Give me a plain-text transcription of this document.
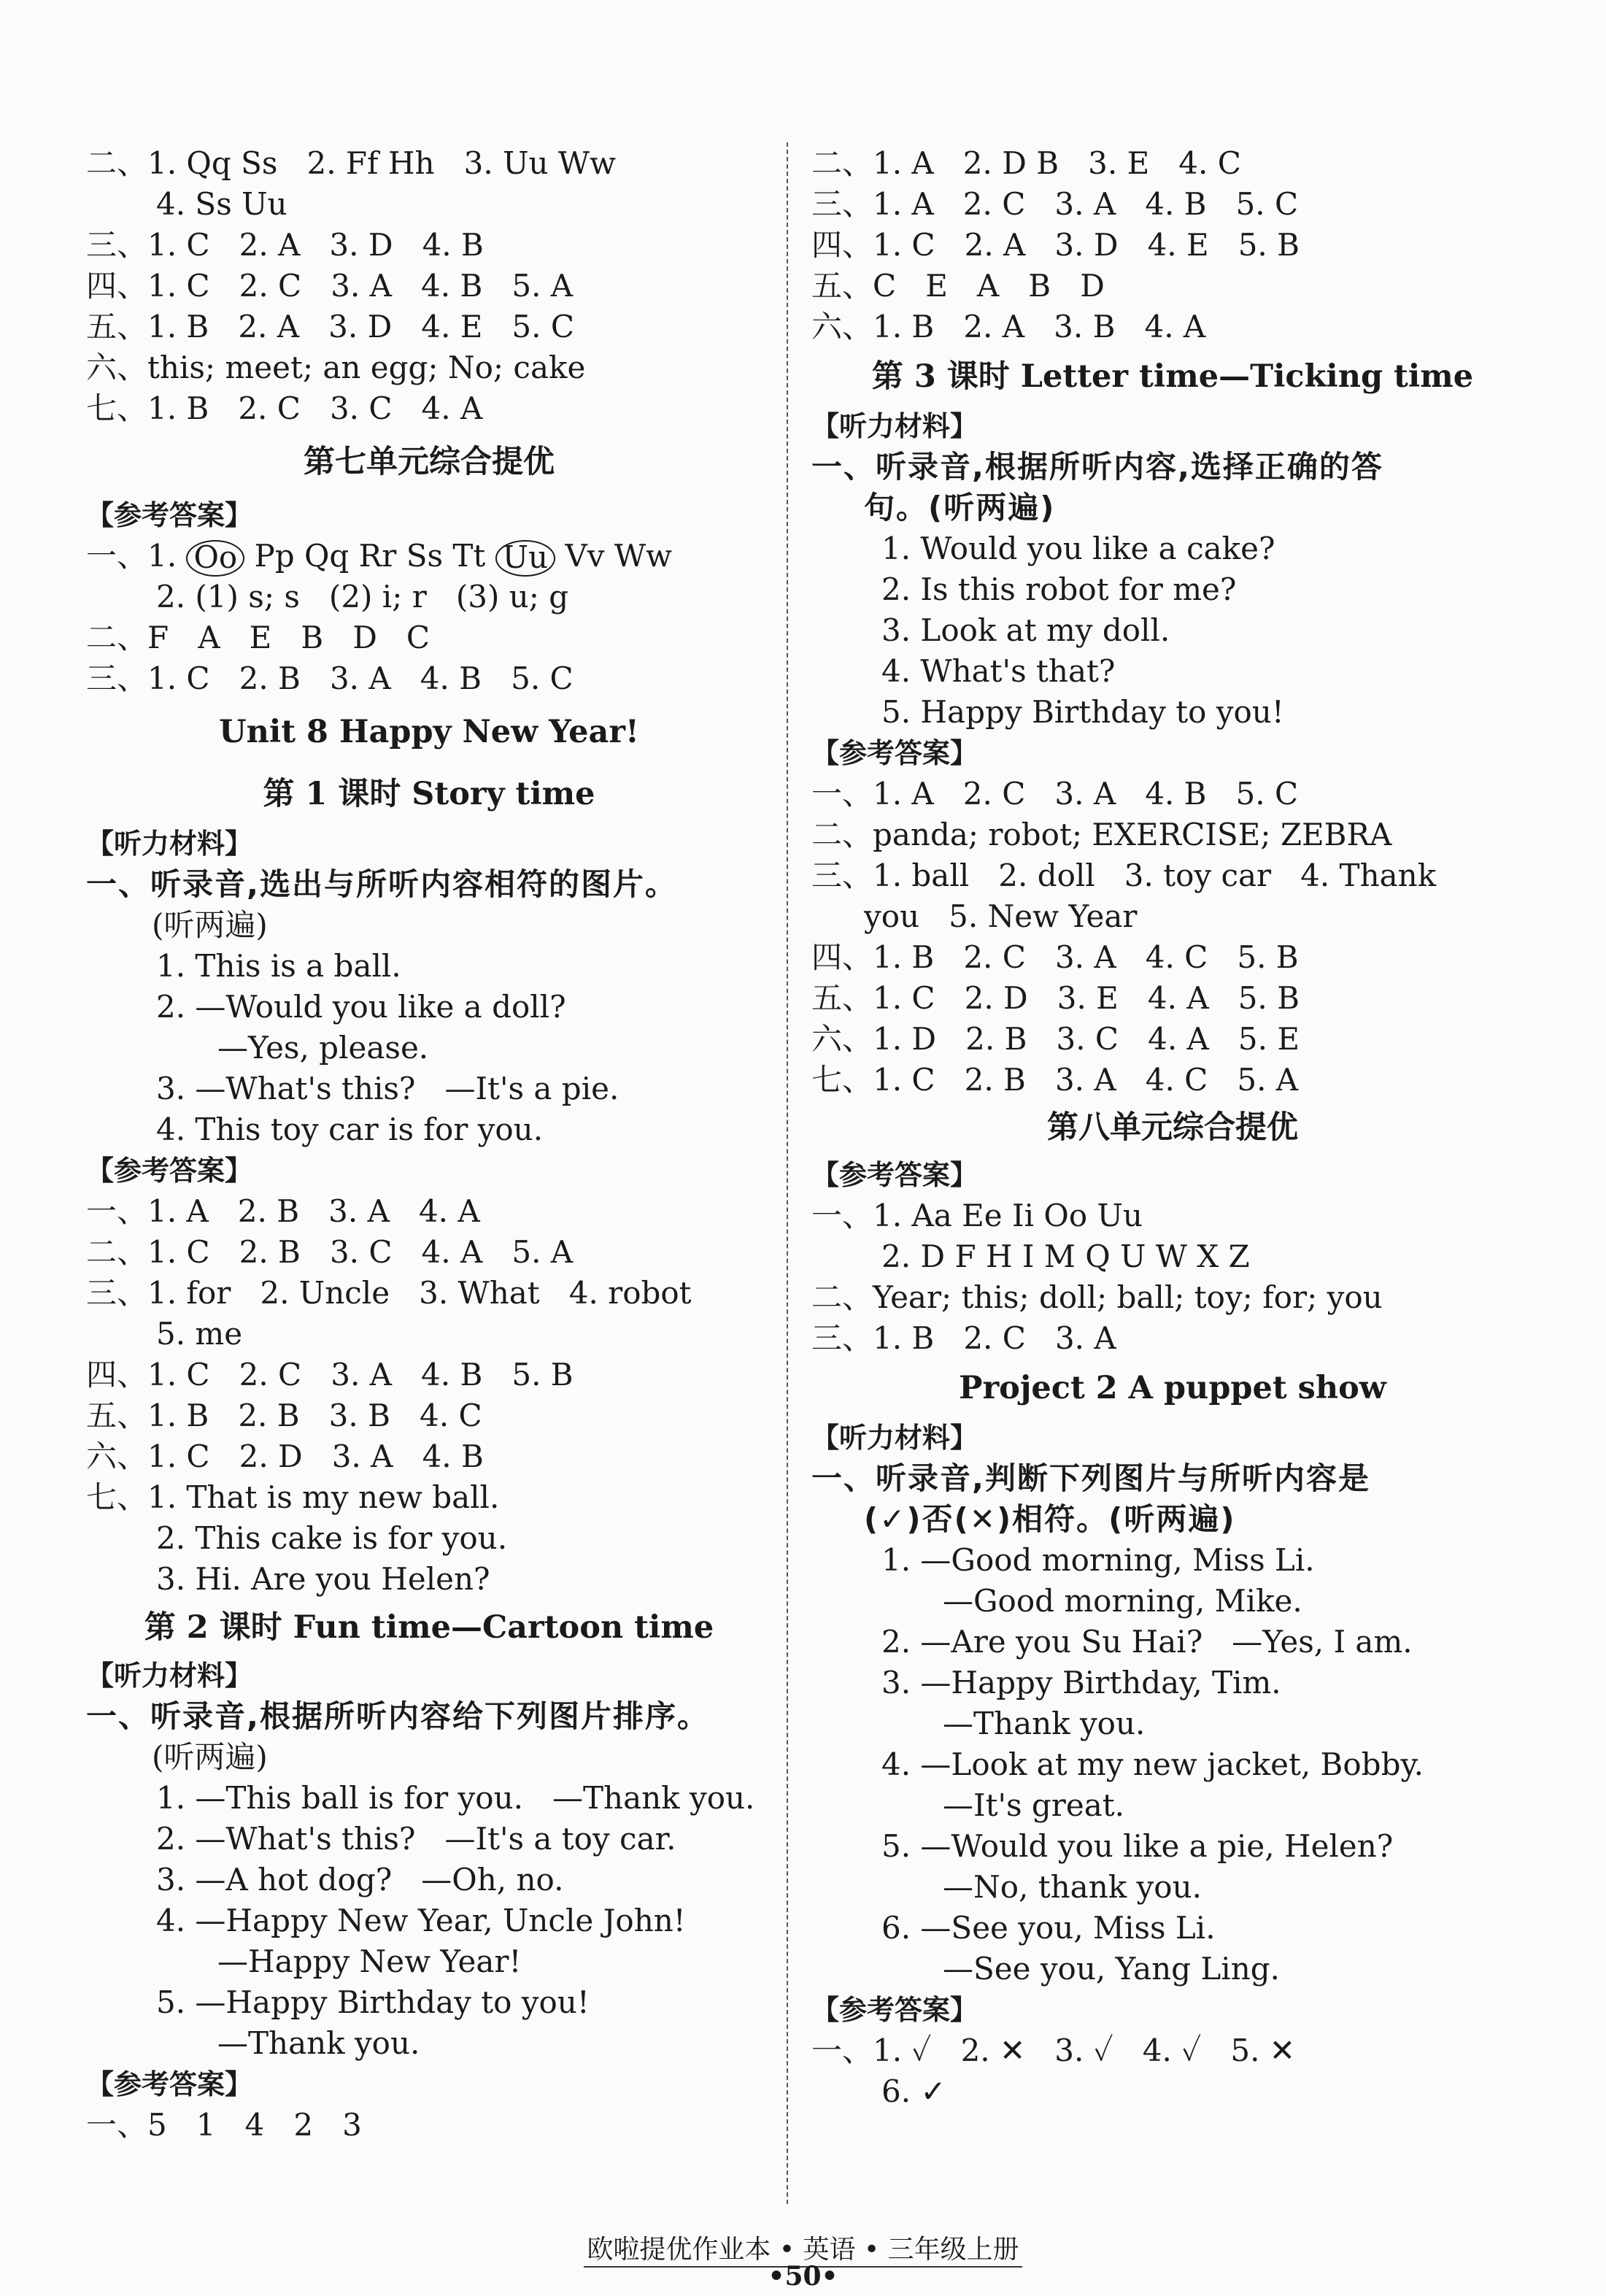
二、1. Qq Ss   2. Ff Hh   3. Uu Ww
4. Ss Uu
三、1. C   2. A   3. D   4. B
四、1. C   2. C   3. A   4. B   5. A
五、1. B   2. A   3. D   4. E   5. C
六、this; meet; an egg; No; cake
七、1. B   2. C   3. C   4. A
第七单元综合提优
【参考答案】
一、1. Oo Pp Qq Rr Ss Tt Uu Vv Ww
2. (1) s; s   (2) i; r   (3) u; g
二、F   A   E   B   D   C
三、1. C   2. B   3. A   4. B   5. C
Unit 8 Happy New Year!
第 1 课时 Story time
【听力材料】
一、听录音,选出与所听内容相符的图片。
(听两遍)
1. This is a ball.
2. —Would you like a doll?
—Yes, please.
3. —What's this?   —It's a pie.
4. This toy car is for you.
【参考答案】
一、1. A   2. B   3. A   4. A
二、1. C   2. B   3. C   4. A   5. A
三、1. for   2. Uncle   3. What   4. robot
5. me
四、1. C   2. C   3. A   4. B   5. B
五、1. B   2. B   3. B   4. C
六、1. C   2. D   3. A   4. B
七、1. That is my new ball.
2. This cake is for you.
3. Hi. Are you Helen?
第 2 课时 Fun time—Cartoon time
【听力材料】
一、听录音,根据所听内容给下列图片排序。
(听两遍)
1. —This ball is for you.   —Thank you.
2. —What's this?   —It's a toy car.
3. —A hot dog?   —Oh, no.
4. —Happy New Year, Uncle John!
—Happy New Year!
5. —Happy Birthday to you!
—Thank you.
【参考答案】
一、5   1   4   2   3
二、1. A   2. D B   3. E   4. C
三、1. A   2. C   3. A   4. B   5. C
四、1. C   2. A   3. D   4. E   5. B
五、C   E   A   B   D
六、1. B   2. A   3. B   4. A
第 3 课时 Letter time—Ticking time
【听力材料】
一、听录音,根据所听内容,选择正确的答
句。(听两遍)
1. Would you like a cake?
2. Is this robot for me?
3. Look at my doll.
4. What's that?
5. Happy Birthday to you!
【参考答案】
一、1. A   2. C   3. A   4. B   5. C
二、panda; robot; EXERCISE; ZEBRA
三、1. ball   2. doll   3. toy car   4. Thank
you   5. New Year
四、1. B   2. C   3. A   4. C   5. B
五、1. C   2. D   3. E   4. A   5. B
六、1. D   2. B   3. C   4. A   5. E
七、1. C   2. B   3. A   4. C   5. A
第八单元综合提优
【参考答案】
一、1. Aa Ee Ii Oo Uu
2. D F H I M Q U W X Z
二、Year; this; doll; ball; toy; for; you
三、1. B   2. C   3. A
Project 2 A puppet show
【听力材料】
一、听录音,判断下列图片与所听内容是
(✓)否(✕)相符。(听两遍)
1. —Good morning, Miss Li.
—Good morning, Mike.
2. —Are you Su Hai?   —Yes, I am.
3. —Happy Birthday, Tim.
—Thank you.
4. —Look at my new jacket, Bobby.
—It's great.
5. —Would you like a pie, Helen?
—No, thank you.
6. —See you, Miss Li.
—See you, Yang Ling.
【参考答案】
一、1. ✓   2. ✕   3. ✓   4. ✓   5. ✕
6. ✓
欧啦提优作业本 • 英语 • 三年级上册
•50•
